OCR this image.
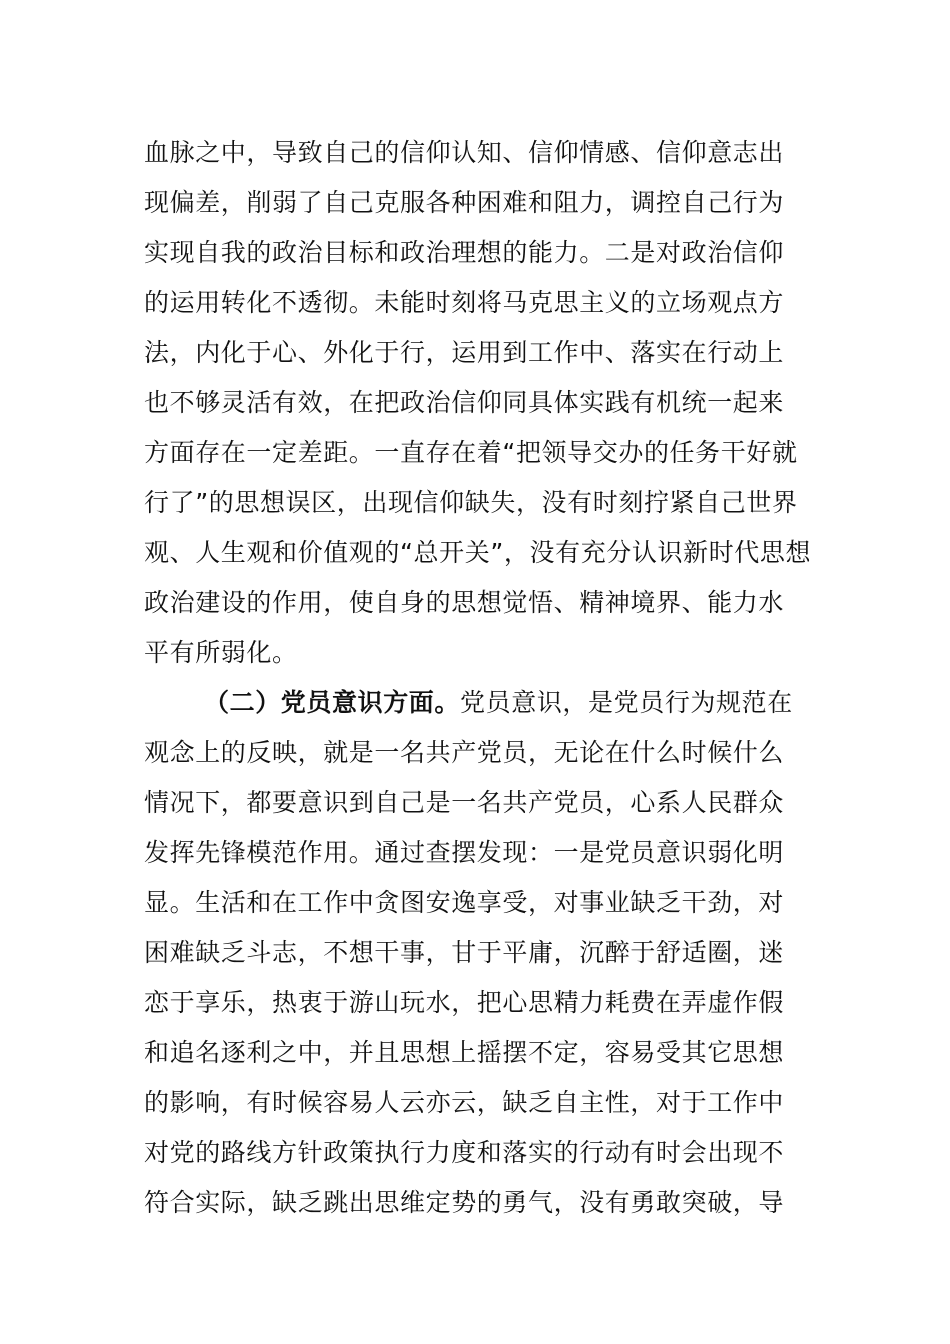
血脉之中，导致自己的信仰认知、信仰情感、信仰意志出
现偏差，削弱了自己克服各种困难和阻力，调控自己行为
实现自我的政治目标和政治理想的能力。二是对政治信仰
的运用转化不透彻。未能时刻将马克思主义的立场观点方
法，内化于心、外化于行，运用到工作中、落实在行动上
也不够灵活有效，在把政治信仰同具体实践有机统一起来
方面存在一定差距。一直存在着“把领导交办的任务干好就
行了”的思想误区，出现信仰缺失，没有时刻拧紧自己世界
观、人生观和价值观的“总开关”，没有充分认识新时代思想
政治建设的作用，使自身的思想觉悟、精神境界、能力水
平有所弱化。
（二）党员意识方面。党员意识，是党员行为规范在
观念上的反映，就是一名共产党员，无论在什么时候什么
情况下，都要意识到自己是一名共产党员，心系人民群众
发挥先锋模范作用。通过查摆发现：一是党员意识弱化明
显。生活和在工作中贪图安逸享受，对事业缺乏干劲，对
困难缺乏斗志，不想干事，甘于平庸，沉醉于舒适圈，迷
恋于享乐，热衷于游山玩水，把心思精力耗费在弄虚作假
和追名逐利之中，并且思想上摇摆不定，容易受其它思想
的影响，有时候容易人云亦云，缺乏自主性，对于工作中
对党的路线方针政策执行力度和落实的行动有时会出现不
符合实际，缺乏跳出思维定势的勇气，没有勇敢突破，导
